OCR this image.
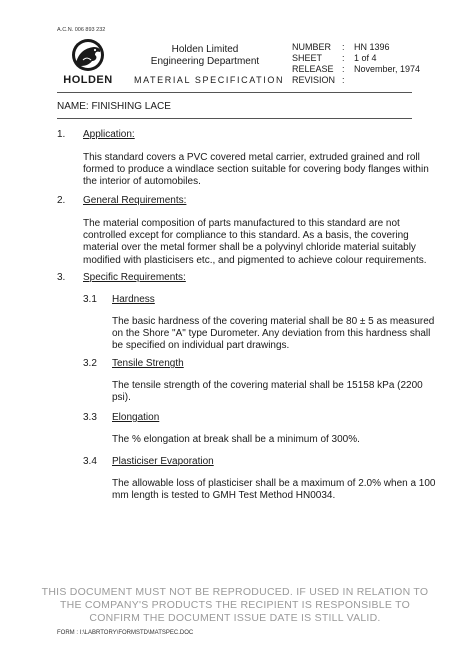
A.C.N. 006 893 232
HOLDEN
Holden Limited
Engineering Department
MATERIAL SPECIFICATION
NUMBER : HN 1396
SHEET : 1 of 4
RELEASE : November, 1974
REVISION :
NAME: FINISHING LACE
1. Application:
This standard covers a PVC covered metal carrier, extruded grained and roll
formed to produce a windlace section suitable for covering body flanges within
the interior of automobiles.
2. General Requirements:
The material composition of parts manufactured to this standard are not
controlled except for compliance to this standard. As a basis, the covering
material over the metal former shall be a polyvinyl chloride material suitably
modified with plasticisers etc., and pigmented to achieve colour requirements.
3. Specific Requirements:
3.1 Hardness
The basic hardness of the covering material shall be 80 ± 5 as measured
on the Shore "A" type Durometer. Any deviation from this hardness shall
be specified on individual part drawings.
3.2 Tensile Strength
The tensile strength of the covering material shall be 15158 kPa (2200
psi).
3.3 Elongation
The % elongation at break shall be a minimum of 300%.
3.4 Plasticiser Evaporation
The allowable loss of plasticiser shall be a maximum of 2.0% when a 100
mm length is tested to GMH Test Method HN0034.
THIS DOCUMENT MUST NOT BE REPRODUCED. IF USED IN RELATION TO
THE COMPANY'S PRODUCTS THE RECIPIENT IS RESPONSIBLE TO
CONFIRM THE DOCUMENT ISSUE DATE IS STILL VALID.
FORM : I:\LABRTORY\FORMSTD\MATSPEC.DOC
